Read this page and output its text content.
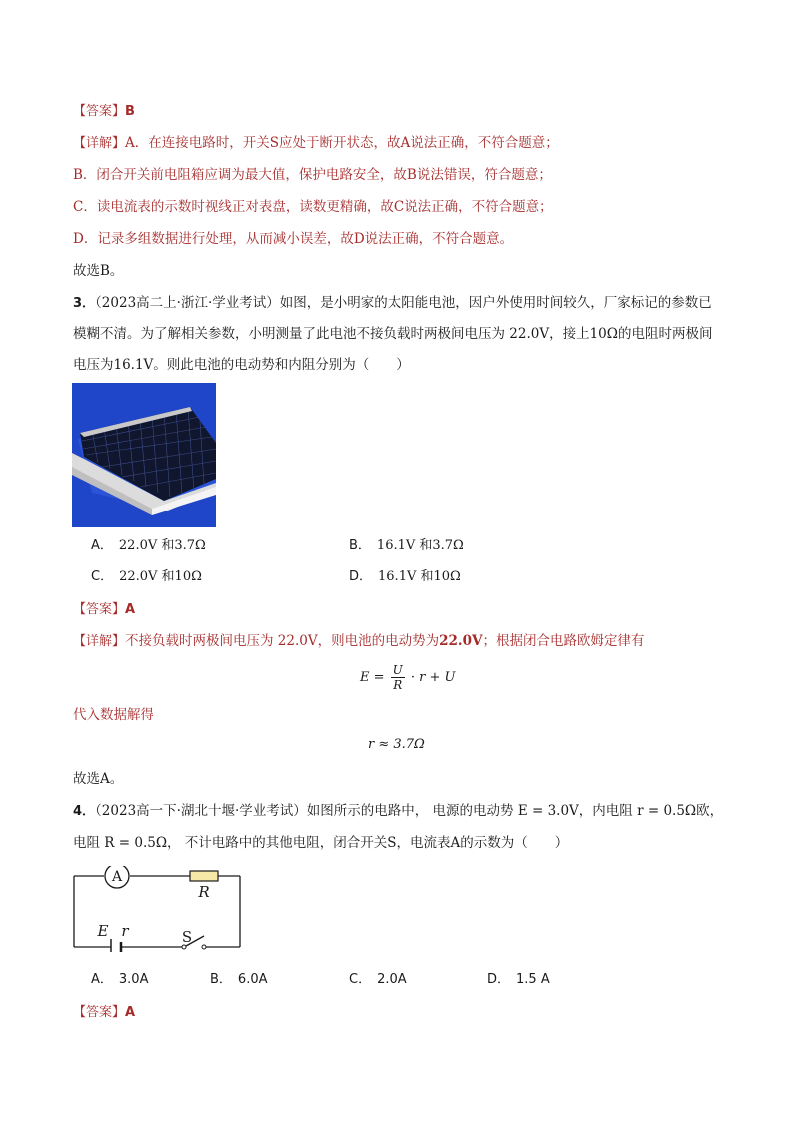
【答案】B
【详解】A．在连接电路时，开关S应处于断开状态，故A说法正确，不符合题意；
B．闭合开关前电阻箱应调为最大值，保护电路安全，故B说法错误，符合题意；
C．读电流表的示数时视线正对表盘，读数更精确，故C说法正确，不符合题意；
D．记录多组数据进行处理，从而减小误差，故D说法正确，不符合题意。
故选B。
3．（2023高二上·浙江·学业考试）如图，是小明家的太阳能电池，因户外使用时间较久，厂家标记的参数已
模糊不清。为了解相关参数，小明测量了此电池不接负载时两极间电压为 22.0V，接上10Ω的电阻时两极间
电压为16.1V。则此电池的电动势和内阻分别为（　　）
A． 22.0V 和3.7Ω	B． 16.1V 和3.7Ω
C． 22.0V 和10Ω	D． 16.1V 和10Ω
【答案】A
【详解】不接负载时两极间电压为 22.0V，则电池的电动势为22.0V；根据闭合电路欧姆定律有
$E = \frac{U}{R} \cdot r + U$
代入数据解得
r ≈ 3.7Ω
故选A。
4．（2023高一下·湖北十堰·学业考试）如图所示的电路中， 电源的电动势 E = 3.0V，内电阻 r = 0.5Ω欧，
电阻 R = 0.5Ω， 不计电路中的其他电阻，闭合开关S，电流表A的示数为（　　）
A
R
E r	S
A． 3.0A	B． 6.0A	C． 2.0A	D． 1.5 A
【答案】A
